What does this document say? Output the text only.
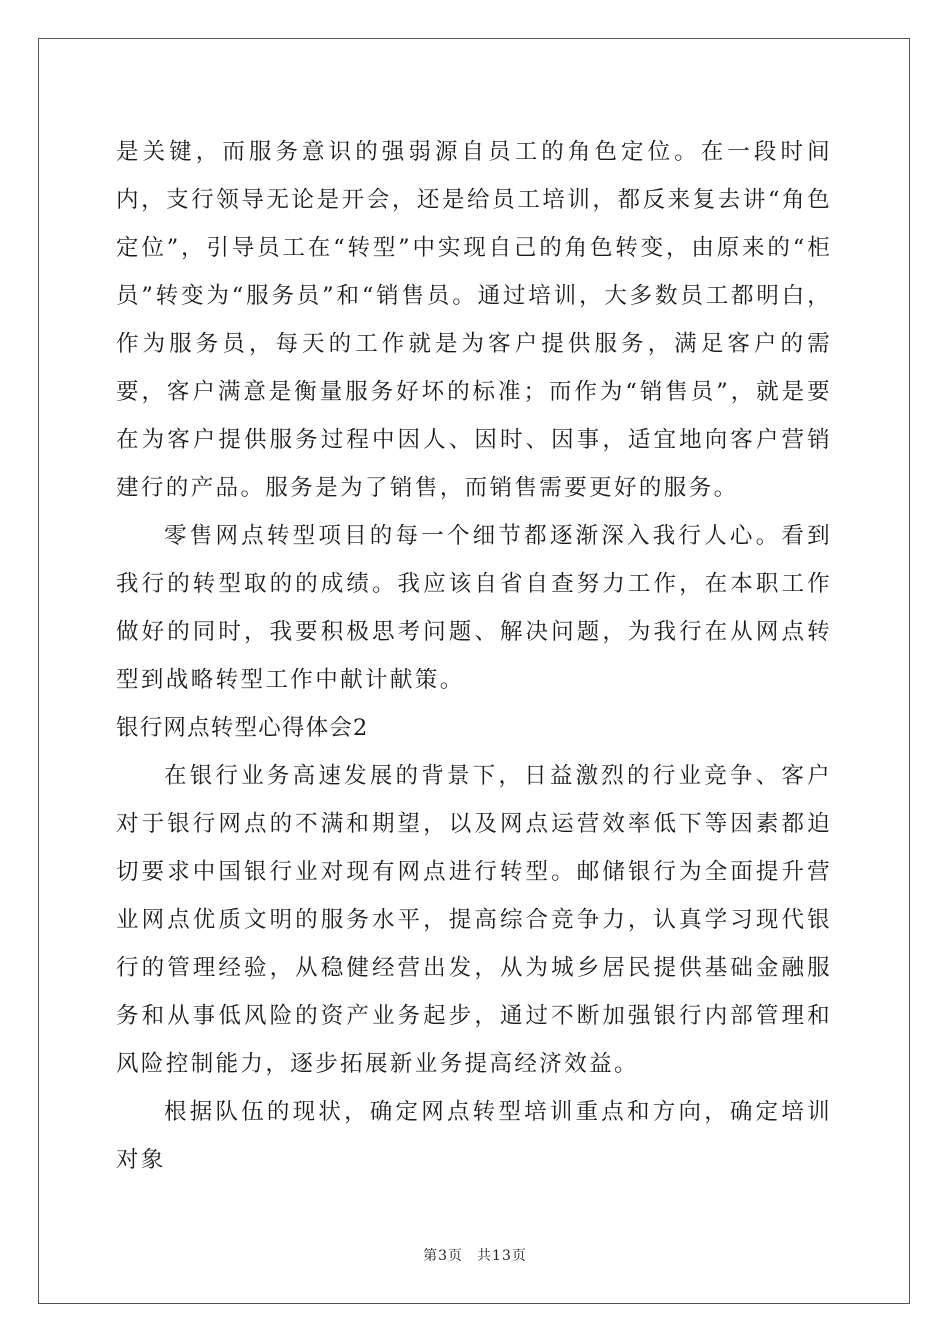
是关键，而服务意识的强弱源自员工的角色定位。在一段时间内，支行领导无论是开会，还是给员工培训，都反来复去讲“角色定位”，引导员工在“转型”中实现自己的角色转变，由原来的“柜员”转变为“服务员”和“销售员。通过培训，大多数员工都明白，作为服务员，每天的工作就是为客户提供服务，满足客户的需要，客户满意是衡量服务好坏的标准；而作为“销售员”，就是要在为客户提供服务过程中因人、因时、因事，适宜地向客户营销建行的产品。服务是为了销售，而销售需要更好的服务。

零售网点转型项目的每一个细节都逐渐深入我行人心。看到我行的转型取的的成绩。我应该自省自查努力工作，在本职工作做好的同时，我要积极思考问题、解决问题，为我行在从网点转型到战略转型工作中献计献策。

银行网点转型心得体会2

在银行业务高速发展的背景下，日益激烈的行业竞争、客户对于银行网点的不满和期望，以及网点运营效率低下等因素都迫切要求中国银行业对现有网点进行转型。邮储银行为全面提升营业网点优质文明的服务水平，提高综合竞争力，认真学习现代银行的管理经验，从稳健经营出发，从为城乡居民提供基础金融服务和从事低风险的资产业务起步，通过不断加强银行内部管理和风险控制能力，逐步拓展新业务提高经济效益。

根据队伍的现状，确定网点转型培训重点和方向，确定培训对象

第3页 共13页
